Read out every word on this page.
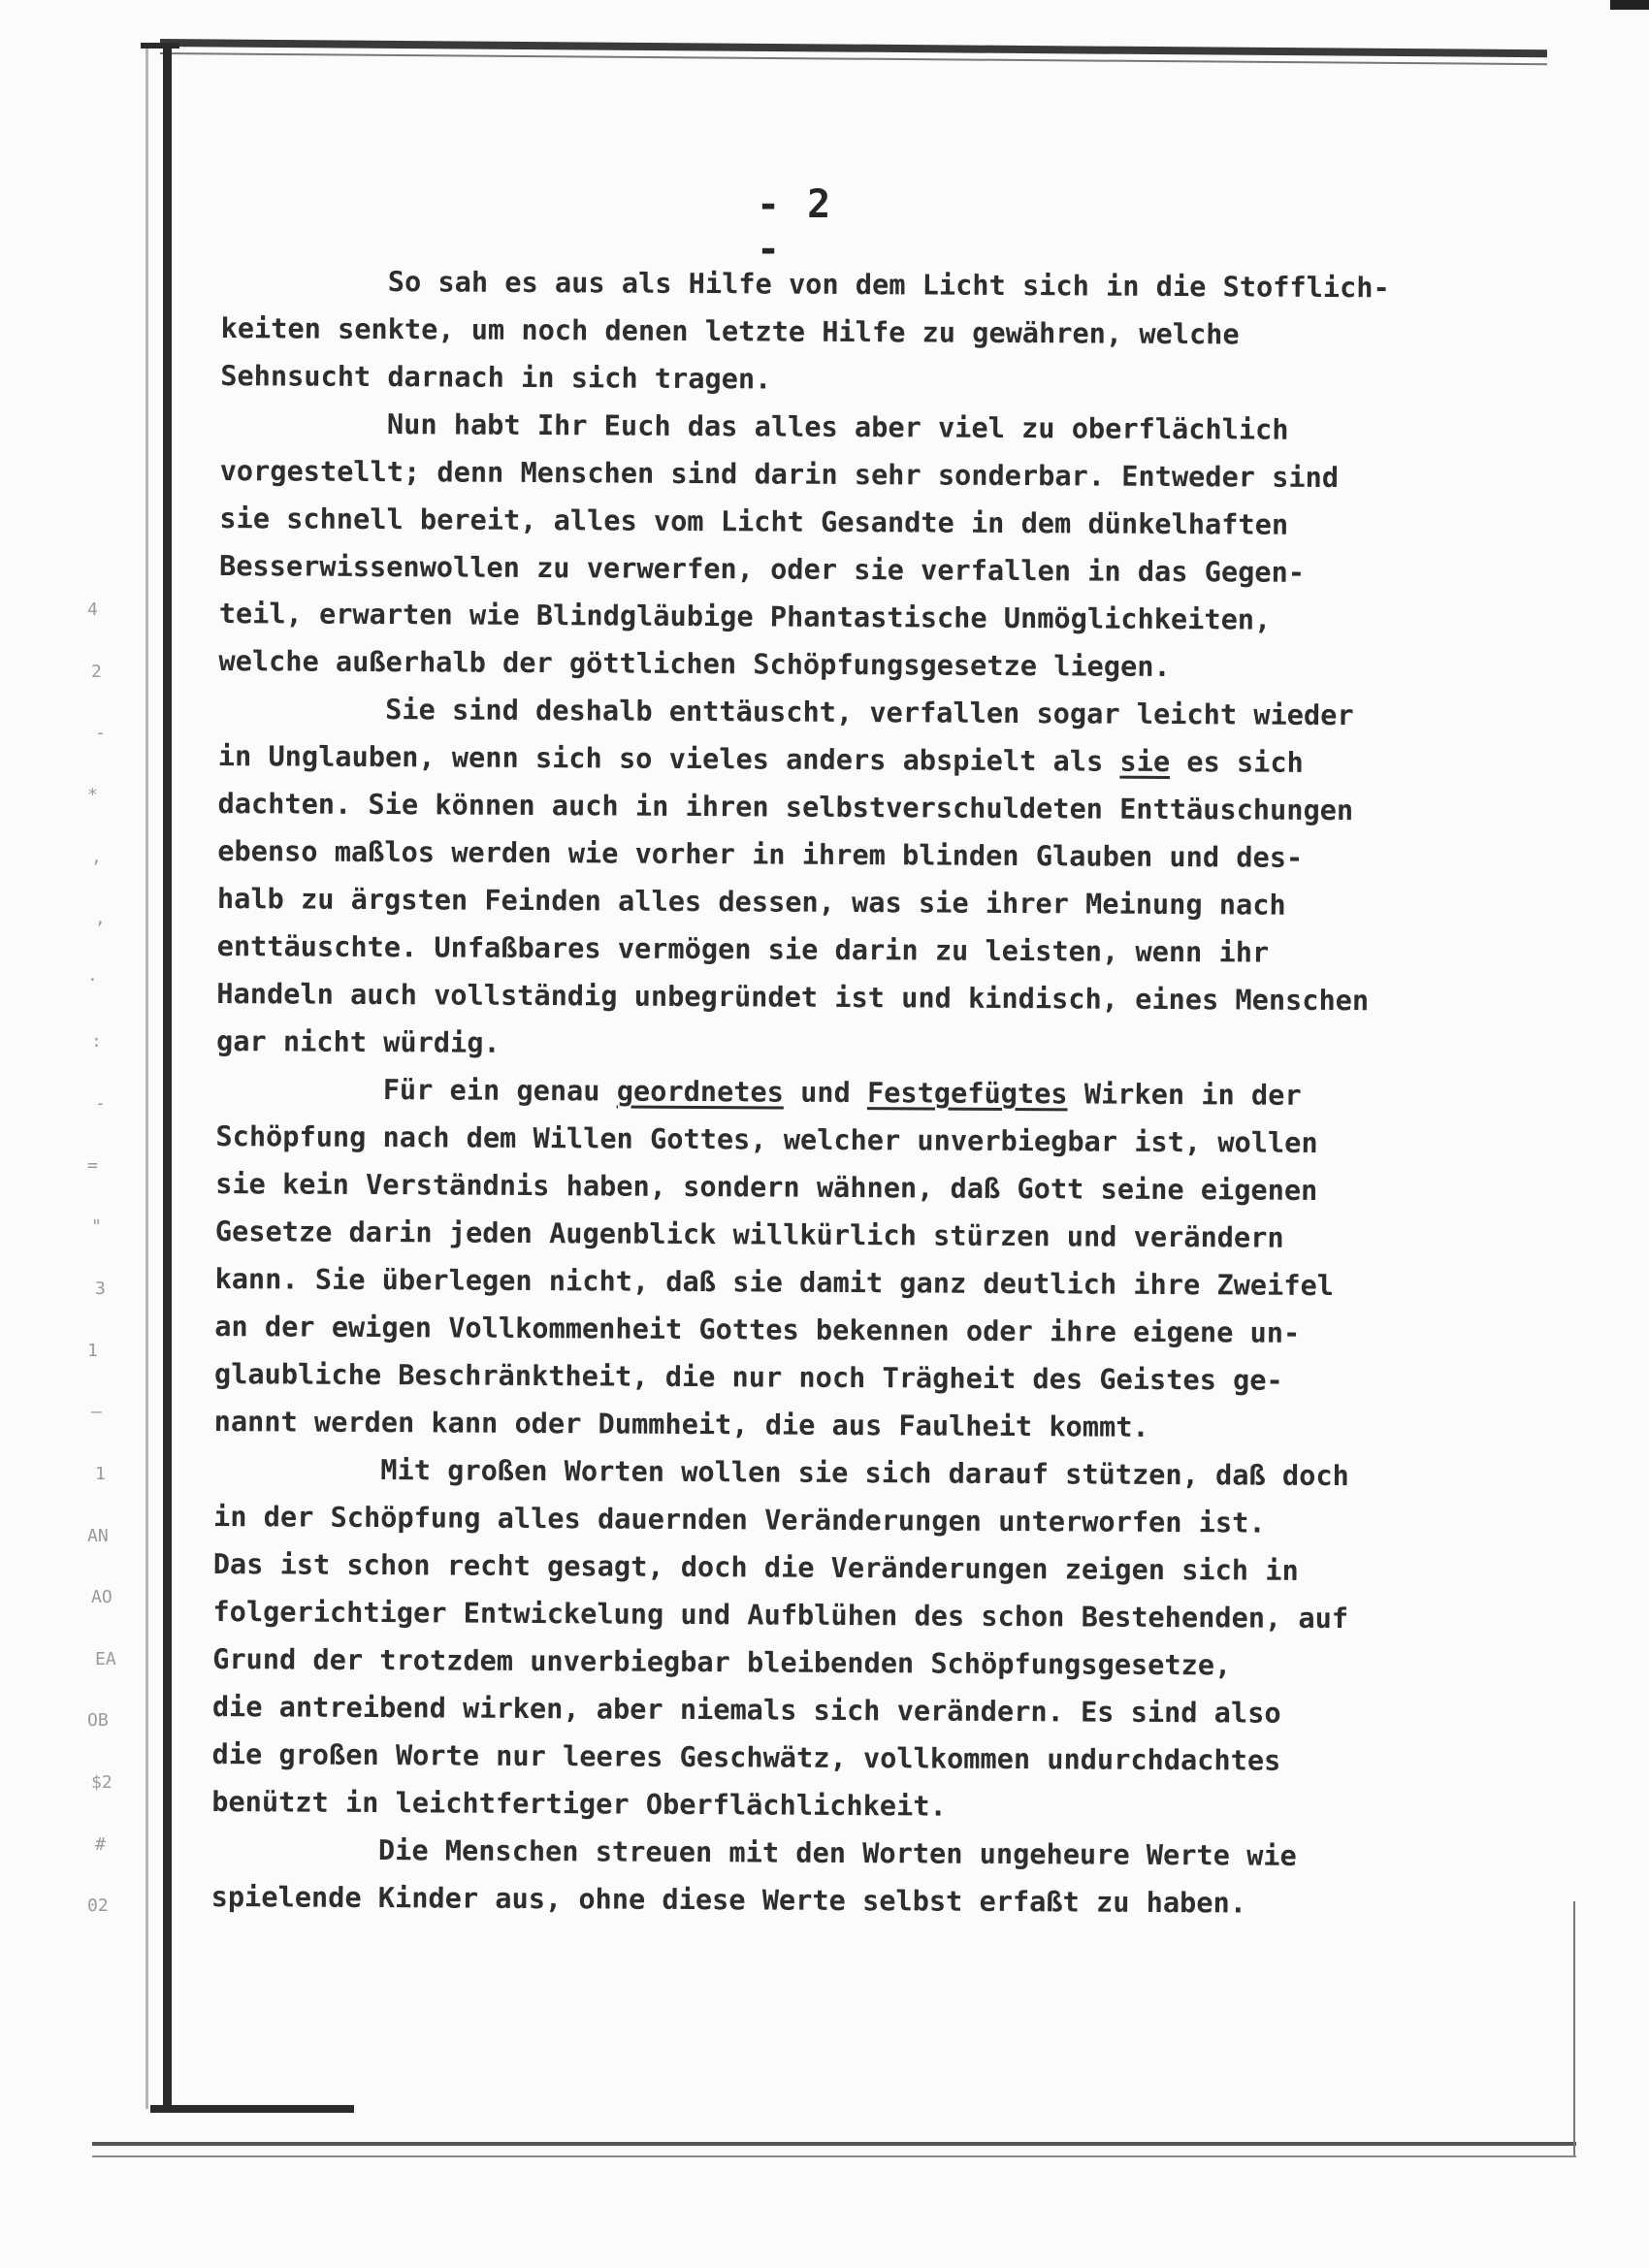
4
2
-
*
,
,
·
:
-
=
"
3
1
—
1
AN
AO
EA
OB
$2
#
02
- 2 -
So sah es aus als Hilfe von dem Licht sich in die Stofflich-
keiten senkte, um noch denen letzte Hilfe zu gewähren, welche
Sehnsucht darnach in sich tragen.
Nun habt Ihr Euch das alles aber viel zu oberflächlich
vorgestellt; denn Menschen sind darin sehr sonderbar. Entweder sind
sie schnell bereit, alles vom Licht Gesandte in dem dünkelhaften
Besserwissenwollen zu verwerfen, oder sie verfallen in das Gegen-
teil, erwarten wie Blindgläubige Phantastische Unmöglichkeiten,
welche außerhalb der göttlichen Schöpfungsgesetze liegen.
Sie sind deshalb enttäuscht, verfallen sogar leicht wieder
in Unglauben, wenn sich so vieles anders abspielt als sie es sich
dachten. Sie können auch in ihren selbstverschuldeten Enttäuschungen
ebenso maßlos werden wie vorher in ihrem blinden Glauben und des-
halb zu ärgsten Feinden alles dessen, was sie ihrer Meinung nach
enttäuschte. Unfaßbares vermögen sie darin zu leisten, wenn ihr
Handeln auch vollständig unbegründet ist und kindisch, eines Menschen
gar nicht würdig.
Für ein genau geordnetes und Festgefügtes Wirken in der
Schöpfung nach dem Willen Gottes, welcher unverbiegbar ist, wollen
sie kein Verständnis haben, sondern wähnen, daß Gott seine eigenen
Gesetze darin jeden Augenblick willkürlich stürzen und verändern
kann. Sie überlegen nicht, daß sie damit ganz deutlich ihre Zweifel
an der ewigen Vollkommenheit Gottes bekennen oder ihre eigene un-
glaubliche Beschränktheit, die nur noch Trägheit des Geistes ge-
nannt werden kann oder Dummheit, die aus Faulheit kommt.
Mit großen Worten wollen sie sich darauf stützen, daß doch
in der Schöpfung alles dauernden Veränderungen unterworfen ist.
Das ist schon recht gesagt, doch die Veränderungen zeigen sich in
folgerichtiger Entwickelung und Aufblühen des schon Bestehenden, auf
Grund der trotzdem unverbiegbar bleibenden Schöpfungsgesetze,
die antreibend wirken, aber niemals sich verändern. Es sind also
die großen Worte nur leeres Geschwätz, vollkommen undurchdachtes
benützt in leichtfertiger Oberflächlichkeit.
Die Menschen streuen mit den Worten ungeheure Werte wie
spielende Kinder aus, ohne diese Werte selbst erfaßt zu haben.
